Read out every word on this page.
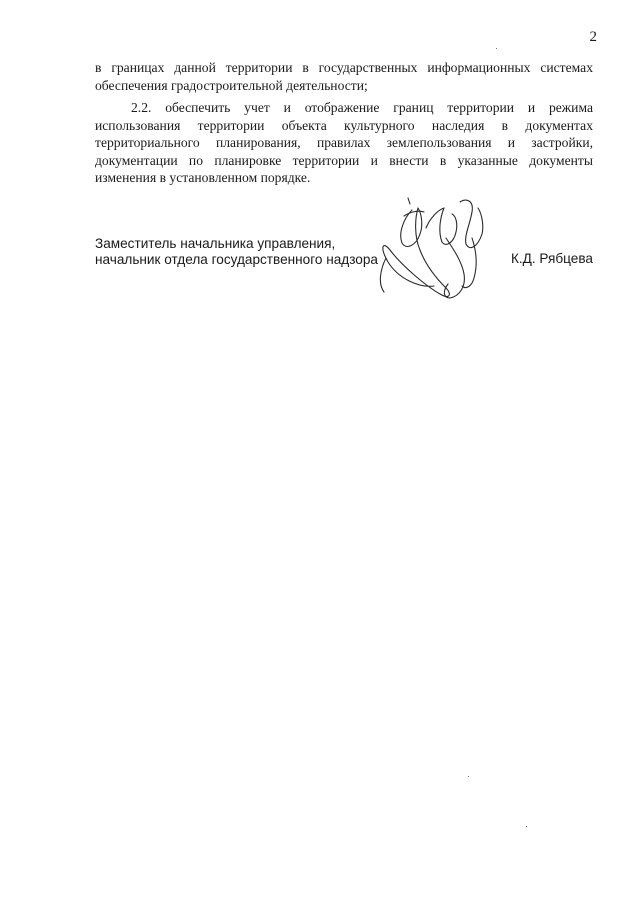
2
в границах данной территории в государственных информационных системах
обеспечения градостроительной деятельности;
2.2. обеспечить учет и отображение границ территории и режима
использования территории объекта культурного наследия в документах
территориального планирования, правилах землепользования и застройки,
документации по планировке территории и внести в указанные документы
изменения в установленном порядке.
Заместитель начальника управления,
начальник отдела государственного надзора	К.Д. Рябцева
